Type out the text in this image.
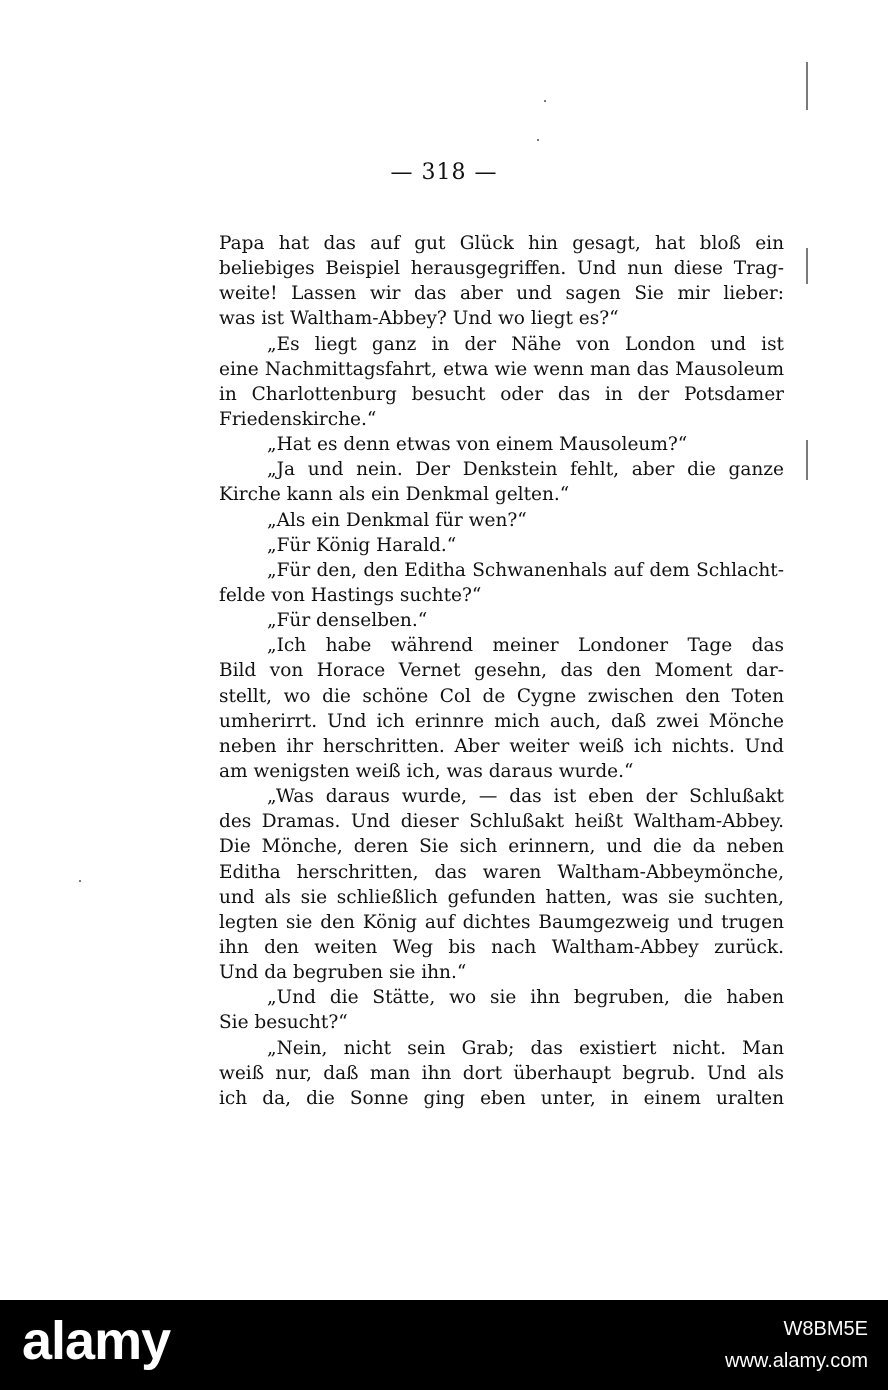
— 318 —
Papa hat das auf gut Glück hin gesagt, hat bloß ein
beliebiges Beispiel herausgegriffen. Und nun diese Trag-
weite! Lassen wir das aber und sagen Sie mir lieber:
was ist Waltham-Abbey? Und wo liegt es?“
„Es liegt ganz in der Nähe von London und ist
eine Nachmittagsfahrt, etwa wie wenn man das Mausoleum
in Charlottenburg besucht oder das in der Potsdamer
Friedenskirche.“
„Hat es denn etwas von einem Mausoleum?“
„Ja und nein. Der Denkstein fehlt, aber die ganze
Kirche kann als ein Denkmal gelten.“
„Als ein Denkmal für wen?“
„Für König Harald.“
„Für den, den Editha Schwanenhals auf dem Schlacht-
felde von Hastings suchte?“
„Für denselben.“
„Ich habe während meiner Londoner Tage das
Bild von Horace Vernet gesehn, das den Moment dar-
stellt, wo die schöne Col de Cygne zwischen den Toten
umherirrt. Und ich erinnre mich auch, daß zwei Mönche
neben ihr herschritten. Aber weiter weiß ich nichts. Und
am wenigsten weiß ich, was daraus wurde.“
„Was daraus wurde, — das ist eben der Schlußakt
des Dramas. Und dieser Schlußakt heißt Waltham-Abbey.
Die Mönche, deren Sie sich erinnern, und die da neben
Editha herschritten, das waren Waltham-Abbeymönche,
und als sie schließlich gefunden hatten, was sie suchten,
legten sie den König auf dichtes Baumgezweig und trugen
ihn den weiten Weg bis nach Waltham-Abbey zurück.
Und da begruben sie ihn.“
„Und die Stätte, wo sie ihn begruben, die haben
Sie besucht?“
„Nein, nicht sein Grab; das existiert nicht. Man
weiß nur, daß man ihn dort überhaupt begrub. Und als
ich da, die Sonne ging eben unter, in einem uralten
alamy	W8BM5E
www.alamy.com
